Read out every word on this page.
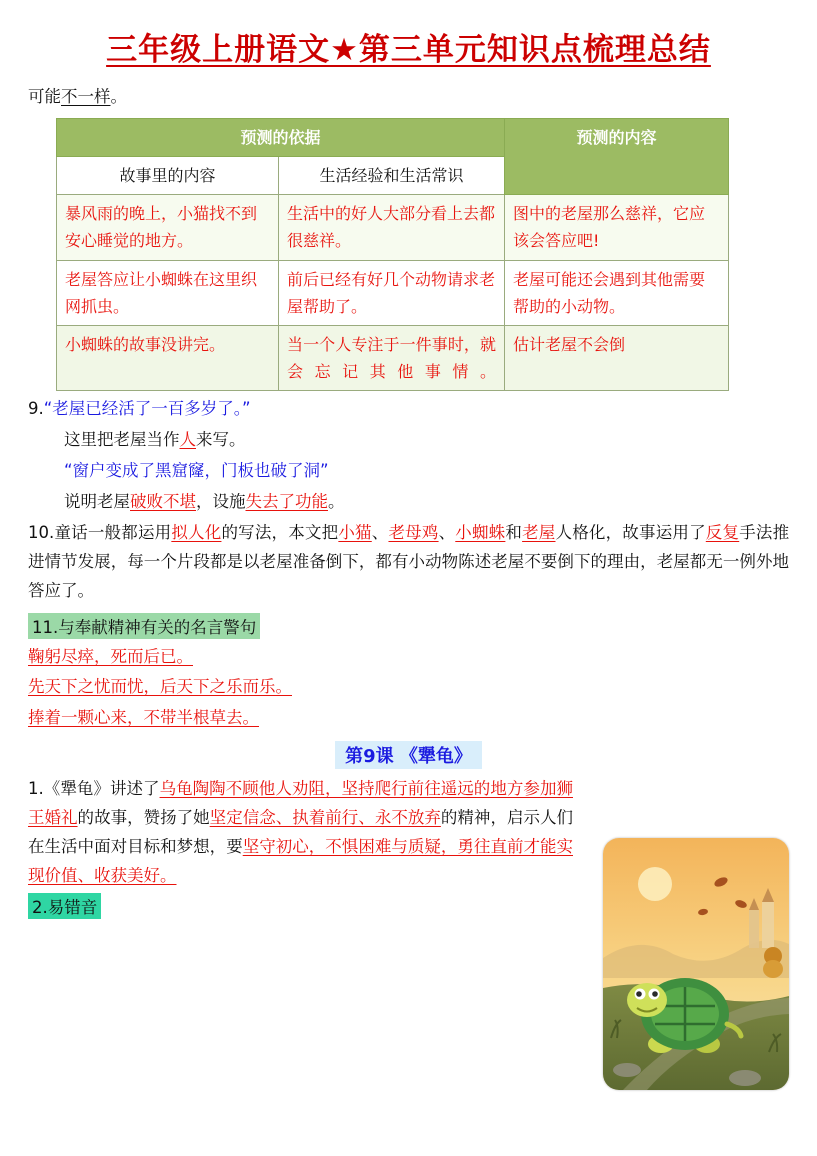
三年级上册语文★第三单元知识点梳理总结
可能不一样。
预测的依据		预测的内容
故事里的内容	生活经验和生活常识	
暴风雨的晚上，小猫找不到安心睡觉的地方。	生活中的好人大部分看上去都很慈祥。	图中的老屋那么慈祥，它应该会答应吧!
老屋答应让小蜘蛛在这里织网抓虫。	前后已经有好几个动物请求老屋帮助了。	老屋可能还会遇到其他需要帮助的小动物。
小蜘蛛的故事没讲完。	当一个人专注于一件事时，就会忘记其他事情。	估计老屋不会倒
9.“老屋已经活了一百多岁了。”
这里把老屋当作人来写。
“窗户变成了黑窟窿，门板也破了洞”
说明老屋破败不堪，设施失去了功能。
10.童话一般都运用拟人化的写法，本文把小猫、老母鸡、小蜘蛛和老屋人格化，故事运用了反复手法推进情节发展，每一个片段都是以老屋准备倒下，都有小动物陈述老屋不要倒下的理由，老屋都无一例外地答应了。
11.与奉献精神有关的名言警句
鞠躬尽瘁，死而后已。
先天下之忧而忧，后天下之乐而乐。
捧着一颗心来，不带半根草去。
第9课 《犟龟》
1.《犟龟》讲述了乌龟陶陶不顾他人劝阻，坚持爬行前往遥远的地方参加狮王婚礼的故事，赞扬了她坚定信念、执着前行、永不放弃的精神，启示人们在生活中面对目标和梦想，要坚守初心，不惧困难与质疑，勇往直前才能实现价值、收获美好。
2.易错音
